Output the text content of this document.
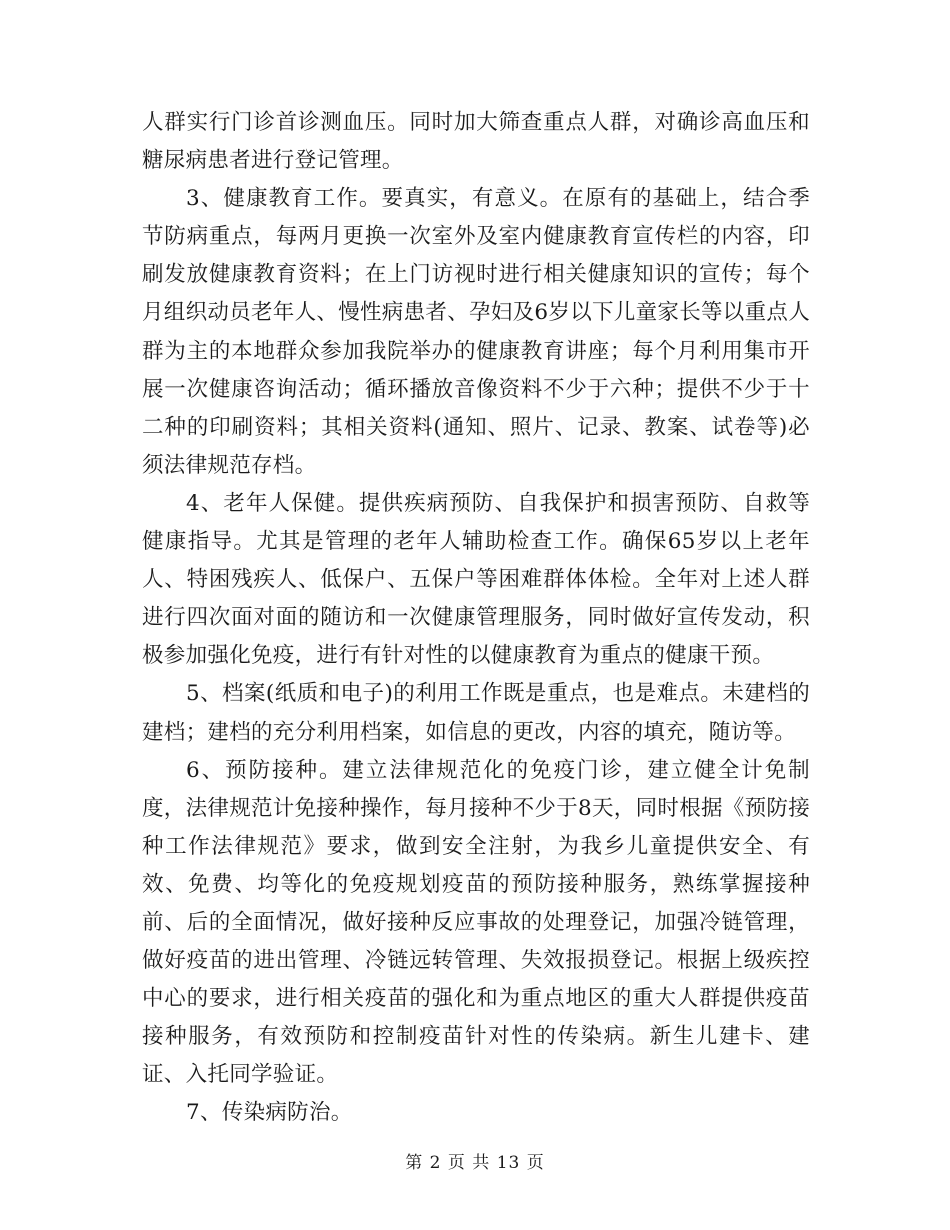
人群实行门诊首诊测血压。同时加大筛查重点人群，对确诊高血压和糖尿病患者进行登记管理。

3、健康教育工作。要真实，有意义。在原有的基础上，结合季节防病重点，每两月更换一次室外及室内健康教育宣传栏的内容，印刷发放健康教育资料；在上门访视时进行相关健康知识的宣传；每个月组织动员老年人、慢性病患者、孕妇及6岁以下儿童家长等以重点人群为主的本地群众参加我院举办的健康教育讲座；每个月利用集市开展一次健康咨询活动；循环播放音像资料不少于六种；提供不少于十二种的印刷资料；其相关资料(通知、照片、记录、教案、试卷等)必须法律规范存档。

4、老年人保健。提供疾病预防、自我保护和损害预防、自救等健康指导。尤其是管理的老年人辅助检查工作。确保65岁以上老年人、特困残疾人、低保户、五保户等困难群体体检。全年对上述人群进行四次面对面的随访和一次健康管理服务，同时做好宣传发动，积极参加强化免疫，进行有针对性的以健康教育为重点的健康干预。

5、档案(纸质和电子)的利用工作既是重点，也是难点。未建档的建档；建档的充分利用档案，如信息的更改，内容的填充，随访等。

6、预防接种。建立法律规范化的免疫门诊，建立健全计免制度，法律规范计免接种操作，每月接种不少于8天，同时根据《预防接种工作法律规范》要求，做到安全注射，为我乡儿童提供安全、有效、免费、均等化的免疫规划疫苗的预防接种服务，熟练掌握接种前、后的全面情况，做好接种反应事故的处理登记，加强冷链管理，做好疫苗的进出管理、冷链远转管理、失效报损登记。根据上级疾控中心的要求，进行相关疫苗的强化和为重点地区的重大人群提供疫苗接种服务，有效预防和控制疫苗针对性的传染病。新生儿建卡、建证、入托同学验证。

7、传染病防治。

第 2 页 共 13 页
